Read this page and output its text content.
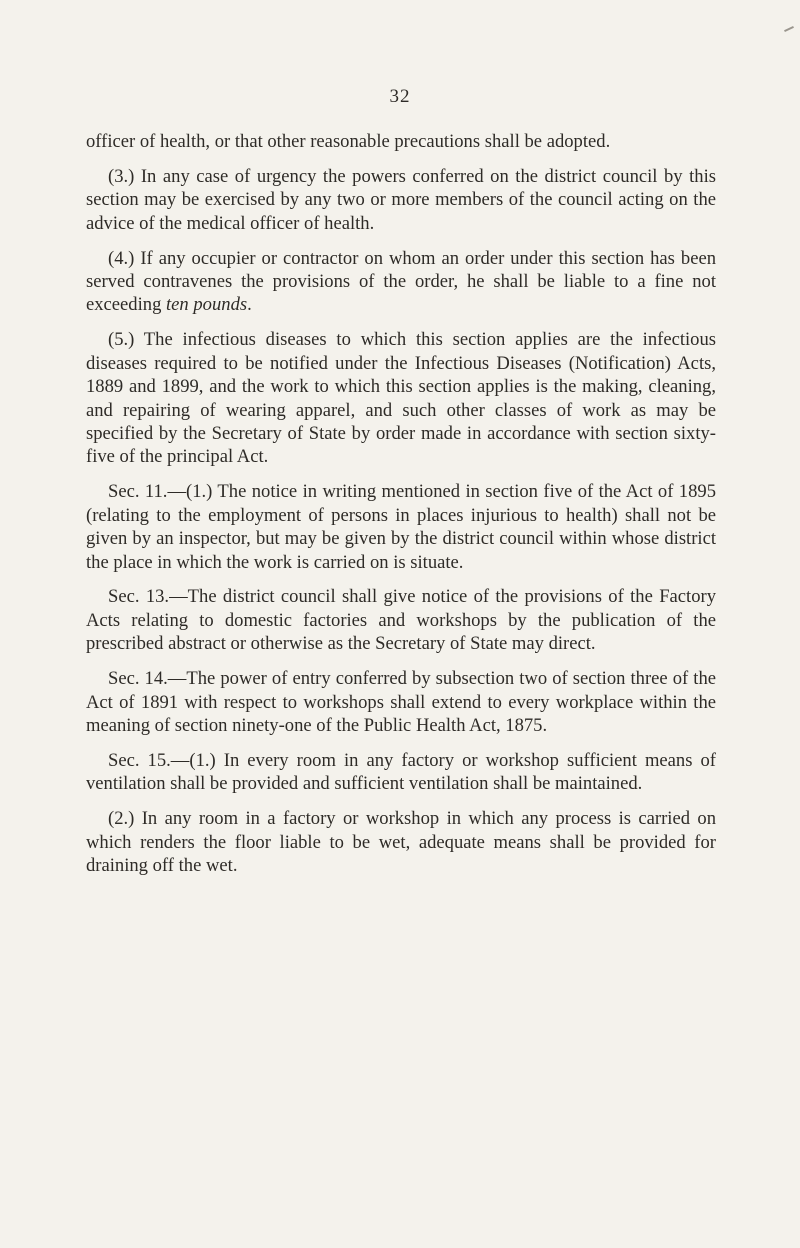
32

officer of health, or that other reasonable precautions shall be adopted.

(3.) In any case of urgency the powers conferred on the district council by this section may be exercised by any two or more members of the council acting on the advice of the medical officer of health.

(4.) If any occupier or contractor on whom an order under this section has been served contravenes the provisions of the order, he shall be liable to a fine not exceeding ten pounds.

(5.) The infectious diseases to which this section applies are the infectious diseases required to be notified under the Infectious Diseases (Notification) Acts, 1889 and 1899, and the work to which this section applies is the making, cleaning, and repairing of wearing apparel, and such other classes of work as may be specified by the Secretary of State by order made in accordance with section sixty-five of the principal Act.

Sec. 11.—(1.) The notice in writing mentioned in section five of the Act of 1895 (relating to the employment of persons in places injurious to health) shall not be given by an inspector, but may be given by the district council within whose district the place in which the work is carried on is situate.

Sec. 13.—The district council shall give notice of the provisions of the Factory Acts relating to domestic factories and workshops by the publication of the prescribed abstract or otherwise as the Secretary of State may direct.

Sec. 14.—The power of entry conferred by subsection two of section three of the Act of 1891 with respect to workshops shall extend to every workplace within the meaning of section ninety-one of the Public Health Act, 1875.

Sec. 15.—(1.) In every room in any factory or workshop sufficient means of ventilation shall be provided and sufficient ventilation shall be maintained.

(2.) In any room in a factory or workshop in which any process is carried on which renders the floor liable to be wet, adequate means shall be provided for draining off the wet.
